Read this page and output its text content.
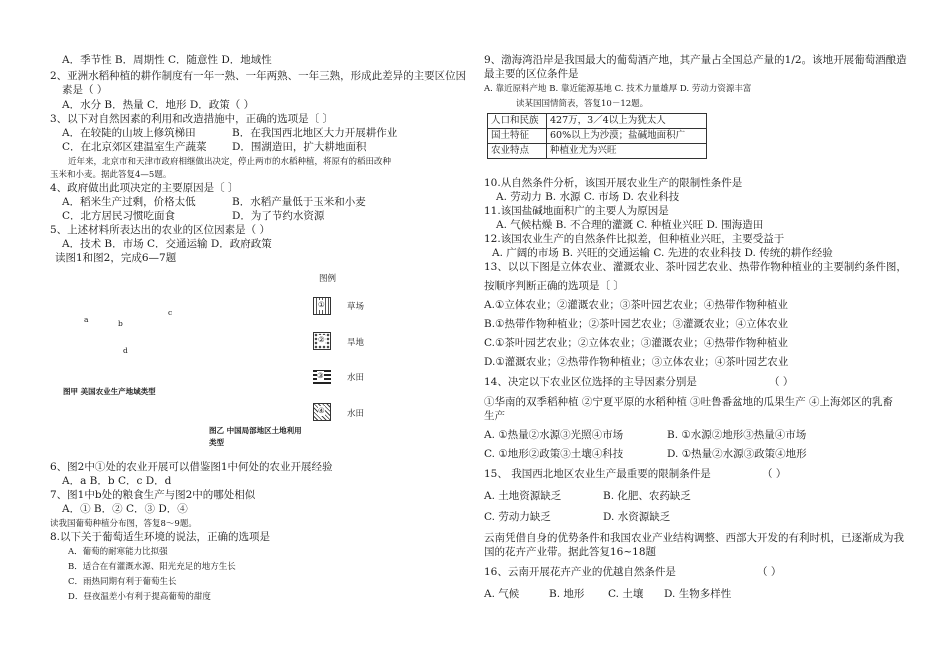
A．季节性 B．周期性 C．随意性 D．地域性
2、亚洲水稻种植的耕作制度有一年一熟、一年两熟、一年三熟，形成此差异的主要区位因
素是（ ）
A．水分 B．热量 C．地形 D．政策（ ）
3、以下对自然因素的利用和改造措施中，正确的选项是〔 〕
A．在较陡的山坡上修筑梯田	B．在我国西北地区大力开展耕作业
C．在北京郊区建温室生产蔬菜 D．围湖造田，扩大耕地面积
近年来，北京市和天津市政府相继做出决定，停止两市的水稻种植，将原有的稻田改种
玉米和小麦。据此答复4—5题。
4、政府做出此项决定的主要原因是〔 〕
A．稻米生产过剩，价格太低	B．水稻产量低于玉米和小麦
C．北方居民习惯吃面食	D．为了节约水资源
5、上述材料所表达出的农业的区位因素是（ ）
A．技术 B．市场 C．交通运输 D．政府政策
读图1和图2，完成6—7题
a	b
c
d
图甲 美国农业生产地域类型
图例
①	草场
②	旱地
③	水田
④	水田
图乙 中国局部地区土地利用
类型
6、图2中①处的农业开展可以借鉴图1中何处的农业开展经验
A．a B．b C．c D．d
7、图1中b处的粮食生产与图2中的哪处相似
A．① B．② C．③ D．④
读我国葡萄种植分布图，答复8～9题。
8.以下关于葡萄适生环境的说法，正确的选项是
A．葡萄的耐寒能力比拟强
B．适合在有灌溉水源、阳光充足的地方生长
C．雨热同期有利于葡萄生长
D．昼夜温差小有利于提高葡萄的甜度
9、渤海湾沿岸是我国最大的葡萄酒产地，其产量占全国总产量的1/2。该地开展葡萄酒酿造
最主要的区位条件是
A. 靠近原料产地 B. 靠近能源基地 C. 技术力量雄厚 D. 劳动力资源丰富
读某国国情简表，答复10－12题。
人口和民族	427万，3／4以上为犹太人
国土特征	60%以上为沙漠；盐碱地面积广
农业特点	种植业尤为兴旺
10.从自然条件分析，该国开展农业生产的限制性条件是
A. 劳动力 B. 水源 C. 市场 D. 农业科技
11.该国盐碱地面积广的主要人为原因是
A. 气候枯燥 B. 不合理的灌溉 C. 种植业兴旺 D. 围海造田
12.该国农业生产的自然条件比拟差，但种植业兴旺，主要受益于
A. 广阔的市场 B. 兴旺的交通运输 C. 先进的农业科技 D. 传统的耕作经验
13、以以下图是立体农业、灌溉农业、茶叶园艺农业、热带作物种植业的主要制约条件图，
按顺序判断正确的选项是〔 〕
A.①立体农业；②灌溉农业；③茶叶园艺农业；④热带作物种植业
B.①热带作物种植业；②茶叶园艺农业；③灌溉农业；④立体农业
C.①茶叶园艺农业；②立体农业；③灌溉农业；④热带作物种植业
D.①灌溉农业；②热带作物种植业；③立体农业；④茶叶园艺农业
14、决定以下农业区位选择的主导因素分别是	（ ）
①华南的双季稻种植 ②宁夏平原的水稻种植 ③吐鲁番盆地的瓜果生产 ④上海郊区的乳畜
生产
A. ①热量②水源③光照④市场	B. ①水源②地形③热量④市场
C. ①地形②政策③土壤④科技	D. ①热量②水源③政策④地形
15、 我国西北地区农业生产最重要的限制条件是	（ ）
A. 土地资源缺乏	B. 化肥、农药缺乏
C. 劳动力缺乏	D. 水资源缺乏
云南凭借自身的优势条件和我国农业产业结构调整、西部大开发的有利时机，已逐渐成为我
国的花卉产业带。据此答复16~18题
16、云南开展花卉产业的优越自然条件是	（ ）
A. 气候	B. 地形 C. 土壤 D. 生物多样性
